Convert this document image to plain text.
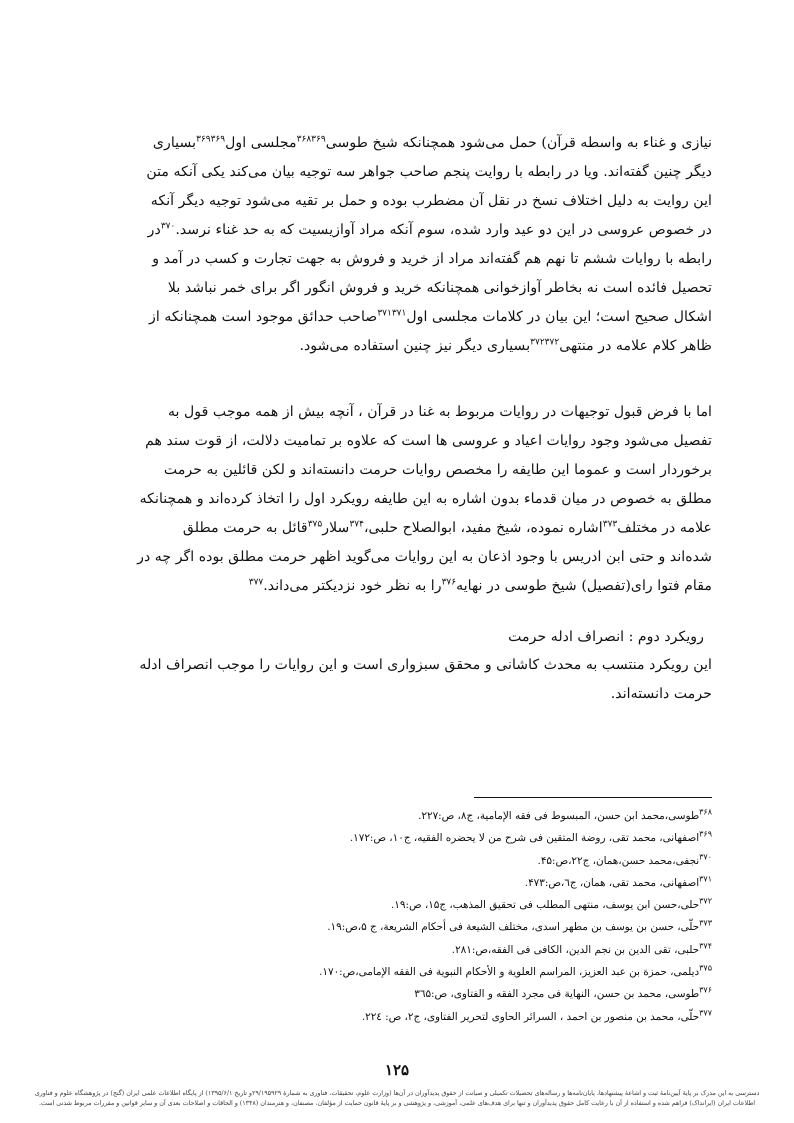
نیازی و غناء به واسطه قرآن) حمل می‌شود همچنانکه شیخ طوسی$^{۳۶۸۳۶۹}$مجلسی اول$^{۳۶۹۳۶۹}$بسیاری

دیگر چنین گفته‌اند. ویا در رابطه با روایت پنجم صاحب جواهر سه توجیه بیان می‌کند یکی آنکه متن

این روایت به دلیل اختلاف نسخ در نقل آن مضطرب بوده و حمل بر تقیه می‌شود توجیه دیگر آنکه

در خصوص عروسی در این دو عید وارد شده، سوم آنکه مراد آوازیسیت که به حد غناء نرسد.$^{۳۷۰}$در

رابطه با روایات ششم تا نهم هم گفته‌اند مراد از خرید و فروش به جهت تجارت و کسب در آمد و

تحصیل فائده است نه بخاطر آوازخوانی همچنانکه خرید و فروش انگور اگر برای خمر نباشد بلا

اشکال صحیح است؛ این بیان در کلامات مجلسی اول$^{۳۷۱۳۷۱}$صاحب حدائق موجود است همچنانکه از

ظاهر کلام علامه در منتهی$^{۳۷۲۳۷۲}$بسیاری دیگر نیز چنین استفاده می‌شود.

اما با فرض قبول توجیهات در روایات مربوط به غنا در قرآن ، آنچه بیش از همه موجب قول به

تفصیل می‌شود وجود روایات اعیاد و عروسی ها است که علاوه بر تمامیت دلالت، از قوت سند هم

برخوردار است و عموما این طایفه را مخصص روایات حرمت دانسته‌اند و لکن قائلین به حرمت

مطلق به خصوص در میان قدماء بدون اشاره به این طایفه رویکرد اول را اتخاذ کرده‌اند و همچنانکه

علامه در مختلف$^{۳۷۳}$اشاره نموده، شیخ مفید، ابوالصلاح حلبی،$^{۳۷۴}$سلار$^{۳۷۵}$قائل به حرمت مطلق

شده‌اند و حتی ابن ادریس با وجود اذعان به این روایات می‌گوید اظهر حرمت مطلق بوده اگر چه در

مقام فتوا رای(تفصیل) شیخ طوسی در نهایه$^{۳۷۶}$را به نظر خود نزدیکتر می‌داند.$^{۳۷۷}$

رویکرد دوم : انصراف ادله حرمت

این رویکرد منتسب به محدث کاشانی و محقق سبزواری است و این روایات را موجب انصراف ادله

حرمت دانسته‌اند.

$^{۳۶۸}$طوسی،محمد ابن حسن، المبسوط فی فقه الإمامیة، ج۸، ص:۲۲۷.
$^{۳۶۹}$اصفهانی، محمد تقی، روضة المتقین فی شرح من لا یحضره الفقیه، ج۱۰، ص:۱۷۲.
$^{۳۷۰}$نجفی،محمد حسن،همان، ج۲۲،ص:۴۵.
$^{۳۷۱}$اصفهانی، محمد تقی، همان، ج٦،ص:۴۷۳.
$^{۳۷۲}$حلی،حسن ابن یوسف، منتهی المطلب فی تحقیق المذهب، ج۱۵، ص:۱۹.
$^{۳۷۳}$حلّی، حسن بن یوسف بن مطهر اسدی، مختلف الشیعة فی أحکام الشریعة، ج ۵،ص:۱۹.
$^{۳۷۴}$حلبی، تقی الدین بن نجم الدین، الکافی فی الفقه،ص:۲۸۱.
$^{۳۷۵}$دیلمی، حمزة بن عبد العزیز، المراسم العلویة و الأحکام النبویة فی الفقه الإمامی،ص:۱۷۰.
$^{۳۷۶}$طوسی، محمد بن حسن، النهایة فی مجرد الفقه و الفتاوی، ص:۳٦۵
$^{۳۷۷}$حلّی، محمد بن منصور بن احمد ، السرائر الحاوی لتحریر الفتاوی، ج۲، ص: ۲۲٤.
۱۲۵
دسترسی به این مدرک بر پایهٔ آیین‌نامهٔ ثبت و اشاعهٔ پیشنهادها، پایان‌نامه‌ها و رساله‌های تحصیلات تکمیلی و صیانت از حقوق پدیدآوران در آن‌ها (وزارت علوم، تحقیقات، فناوری به شمارهٔ ۲۹/۱۹۵۹۲۹و تاریخ ۱۳۹۵/۶/۱) از پایگاه اطلاعات علمی ایران (گنج) در پژوهشگاه علوم و فناوری
اطلاعات ایران (ایرانداک) فراهم شده و استفاده از آن با رعایت کامل حقوق پدیدآوران و تنها برای هدف‌های علمی، آموزشی، و پژوهشی و بر پایهٔ قانون حمایت از مؤلفان، مصنفان، و هنرمندان (۱۳۴۸) و الحاقات و اصلاحات بعدی آن و سایر قوانین و مقررات مربوط شدنی است.
